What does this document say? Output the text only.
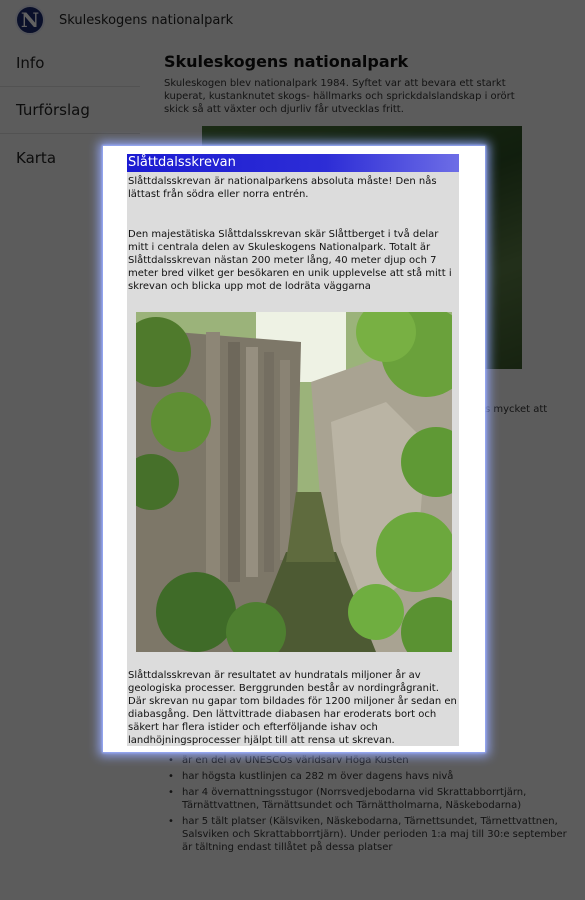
•
•
•
•
Slåttdalsskrevan
Slåttdalsskrevan är nationalparkens absoluta måste! Den nås lättast från södra eller norra entrén.
Den majestätiska Slåttdalsskrevan skär Slåttberget i två delar mitt i centrala delen av Skuleskogens Nationalpark. Totalt är Slåttdalsskrevan nästan 200 meter lång, 40 meter djup och 7 meter bred vilket ger besökaren en unik upplevelse att stå mitt i skrevan och blicka upp mot de lodräta väggarna
Slåttdalsskrevan är resultatet av hundratals miljoner år av geologiska processer. Berggrunden består av nordingrågranit. Där skrevan nu gapar tom bildades för 1200 miljoner år sedan en diabasgång. Den lättvittrade diabasen har eroderats bort och säkert har flera istider och efterföljande ishav och landhöjningsprocesser hjälpt till att rensa ut skrevan.
